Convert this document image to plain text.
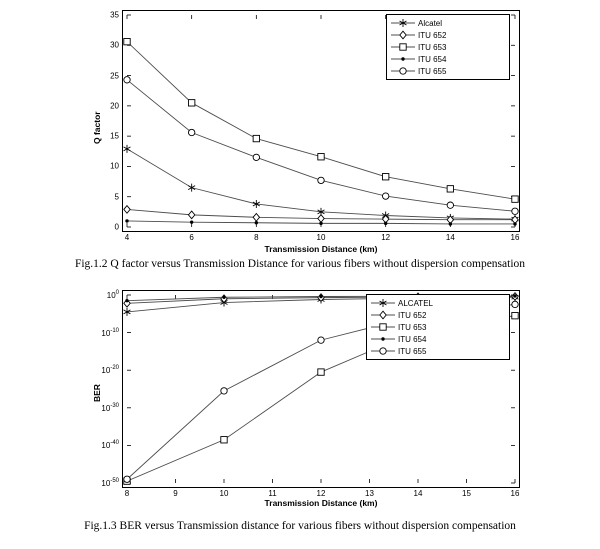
4	6	8	10	12	14	16
0
5
10
15
20
25
30
35
Transmission Distance (km)
Q factor
Alcatel
ITU 652
ITU 653
ITU 654
ITU 655
Fig.1.2 Q factor versus Transmission Distance for various fibers without dispersion compensation
8	9	10	11	12	13	14	15	16
$10^{-50}$
$10^{-40}$
$10^{-30}$
$10^{-20}$
$10^{-10}$
$10^0$
Transmission Distance (km)
BER
ALCATEL
ITU 652
ITU 653
ITU 654
ITU 655
Fig.1.3 BER versus Transmission distance for various fibers without dispersion compensation
